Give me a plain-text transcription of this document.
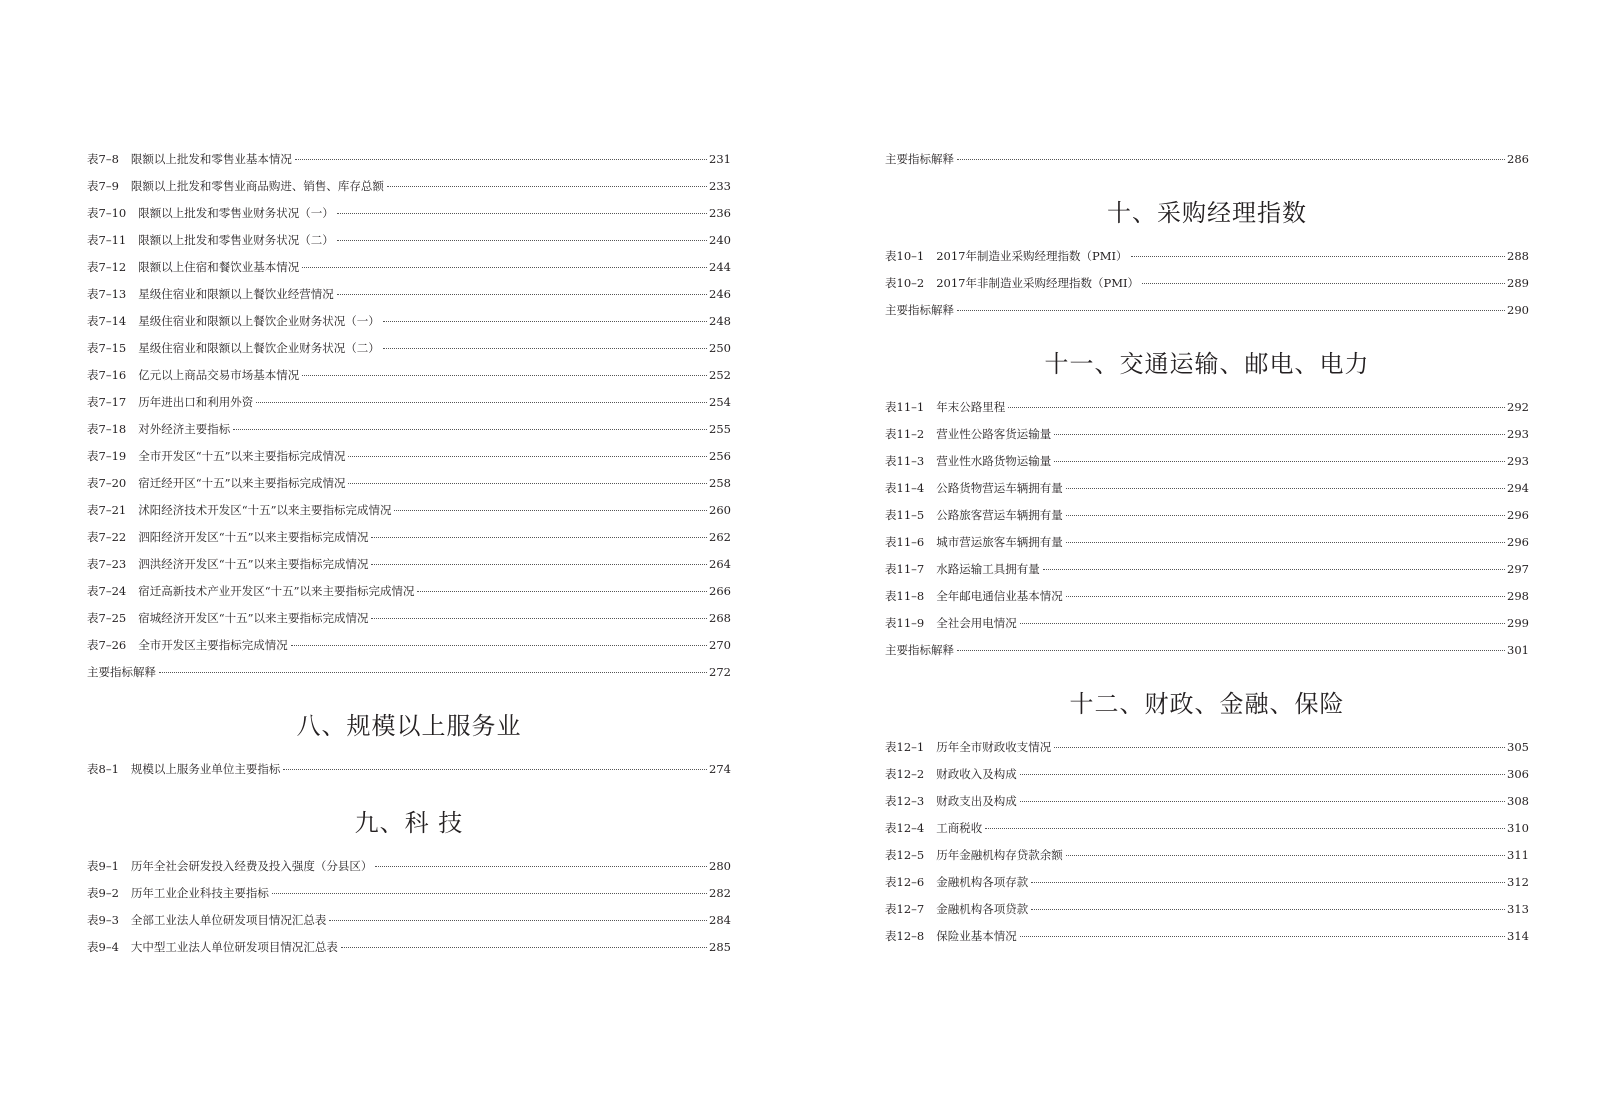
表7–8 限额以上批发和零售业基本情况	231
表7–9 限额以上批发和零售业商品购进、销售、库存总额	233
表7–10 限额以上批发和零售业财务状况（一）	236
表7–11 限额以上批发和零售业财务状况（二）	240
表7–12 限额以上住宿和餐饮业基本情况	244
表7–13 星级住宿业和限额以上餐饮业经营情况	246
表7–14 星级住宿业和限额以上餐饮企业财务状况（一）	248
表7–15 星级住宿业和限额以上餐饮企业财务状况（二）	250
表7–16 亿元以上商品交易市场基本情况	252
表7–17 历年进出口和利用外资	254
表7–18 对外经济主要指标	255
表7–19 全市开发区“十五”以来主要指标完成情况	256
表7–20 宿迁经开区“十五”以来主要指标完成情况	258
表7–21 沭阳经济技术开发区“十五”以来主要指标完成情况	260
表7–22 泗阳经济开发区“十五”以来主要指标完成情况	262
表7–23 泗洪经济开发区“十五”以来主要指标完成情况	264
表7–24 宿迁高新技术产业开发区“十五”以来主要指标完成情况	266
表7–25 宿城经济开发区“十五”以来主要指标完成情况	268
表7–26 全市开发区主要指标完成情况	270
主要指标解释	272
八、规模以上服务业
表8–1 规模以上服务业单位主要指标	274
九、科 技
表9–1 历年全社会研发投入经费及投入强度（分县区）	280
表9–2 历年工业企业科技主要指标	282
表9–3 全部工业法人单位研发项目情况汇总表	284
表9–4 大中型工业法人单位研发项目情况汇总表	285
主要指标解释	286
十、采购经理指数
表10–1 2017年制造业采购经理指数（PMI）	288
表10–2 2017年非制造业采购经理指数（PMI）	289
主要指标解释	290
十一、交通运输、邮电、电力
表11–1 年末公路里程	292
表11–2 营业性公路客货运输量	293
表11–3 营业性水路货物运输量	293
表11–4 公路货物营运车辆拥有量	294
表11–5 公路旅客营运车辆拥有量	296
表11–6 城市营运旅客车辆拥有量	296
表11–7 水路运输工具拥有量	297
表11–8 全年邮电通信业基本情况	298
表11–9 全社会用电情况	299
主要指标解释	301
十二、财政、金融、保险
表12–1 历年全市财政收支情况	305
表12–2 财政收入及构成	306
表12–3 财政支出及构成	308
表12–4 工商税收	310
表12–5 历年金融机构存贷款余额	311
表12–6 金融机构各项存款	312
表12–7 金融机构各项贷款	313
表12–8 保险业基本情况	314
